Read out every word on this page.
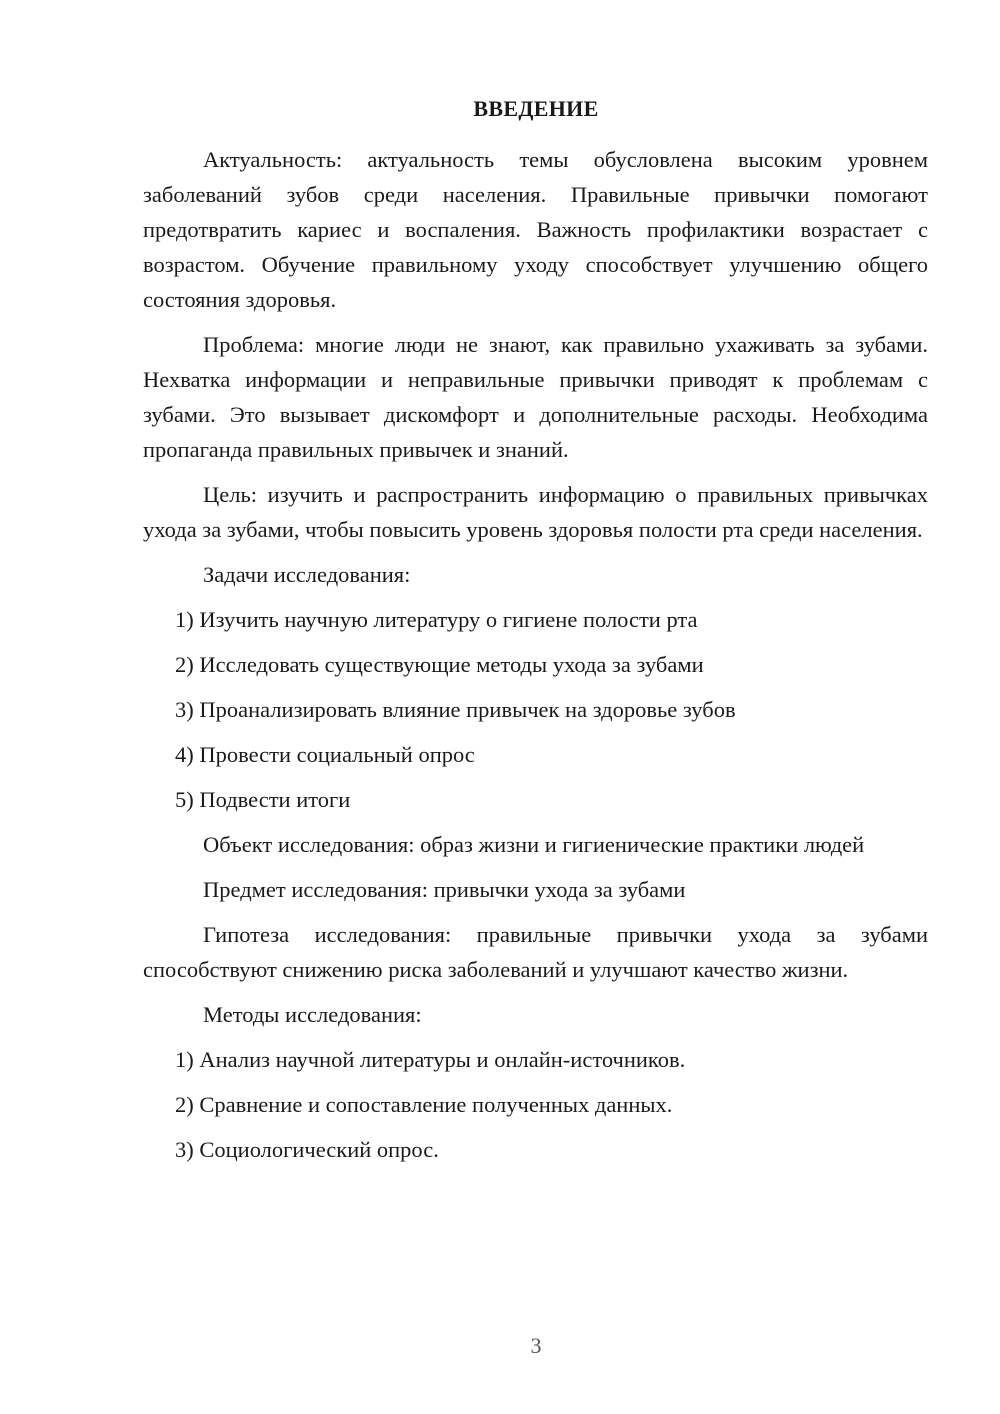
ВВЕДЕНИЕ

Актуальность: актуальность темы обусловлена высоким уровнем заболеваний зубов среди населения. Правильные привычки помогают предотвратить кариес и воспаления. Важность профилактики возрастает с возрастом. Обучение правильному уходу способствует улучшению общего состояния здоровья.

Проблема: многие люди не знают, как правильно ухаживать за зубами. Нехватка информации и неправильные привычки приводят к проблемам с зубами. Это вызывает дискомфорт и дополнительные расходы. Необходима пропаганда правильных привычек и знаний.

Цель: изучить и распространить информацию о правильных привычках ухода за зубами, чтобы повысить уровень здоровья полости рта среди населения.

Задачи исследования:

1) Изучить научную литературу о гигиене полости рта

2) Исследовать существующие методы ухода за зубами

3) Проанализировать влияние привычек на здоровье зубов

4) Провести социальный опрос

5) Подвести итоги

Объект исследования: образ жизни и гигиенические практики людей

Предмет исследования: привычки ухода за зубами

Гипотеза исследования: правильные привычки ухода за зубами способствуют снижению риска заболеваний и улучшают качество жизни.

Методы исследования:

1) Анализ научной литературы и онлайн-источников.

2) Сравнение и сопоставление полученных данных.

3) Социологический опрос.

3
